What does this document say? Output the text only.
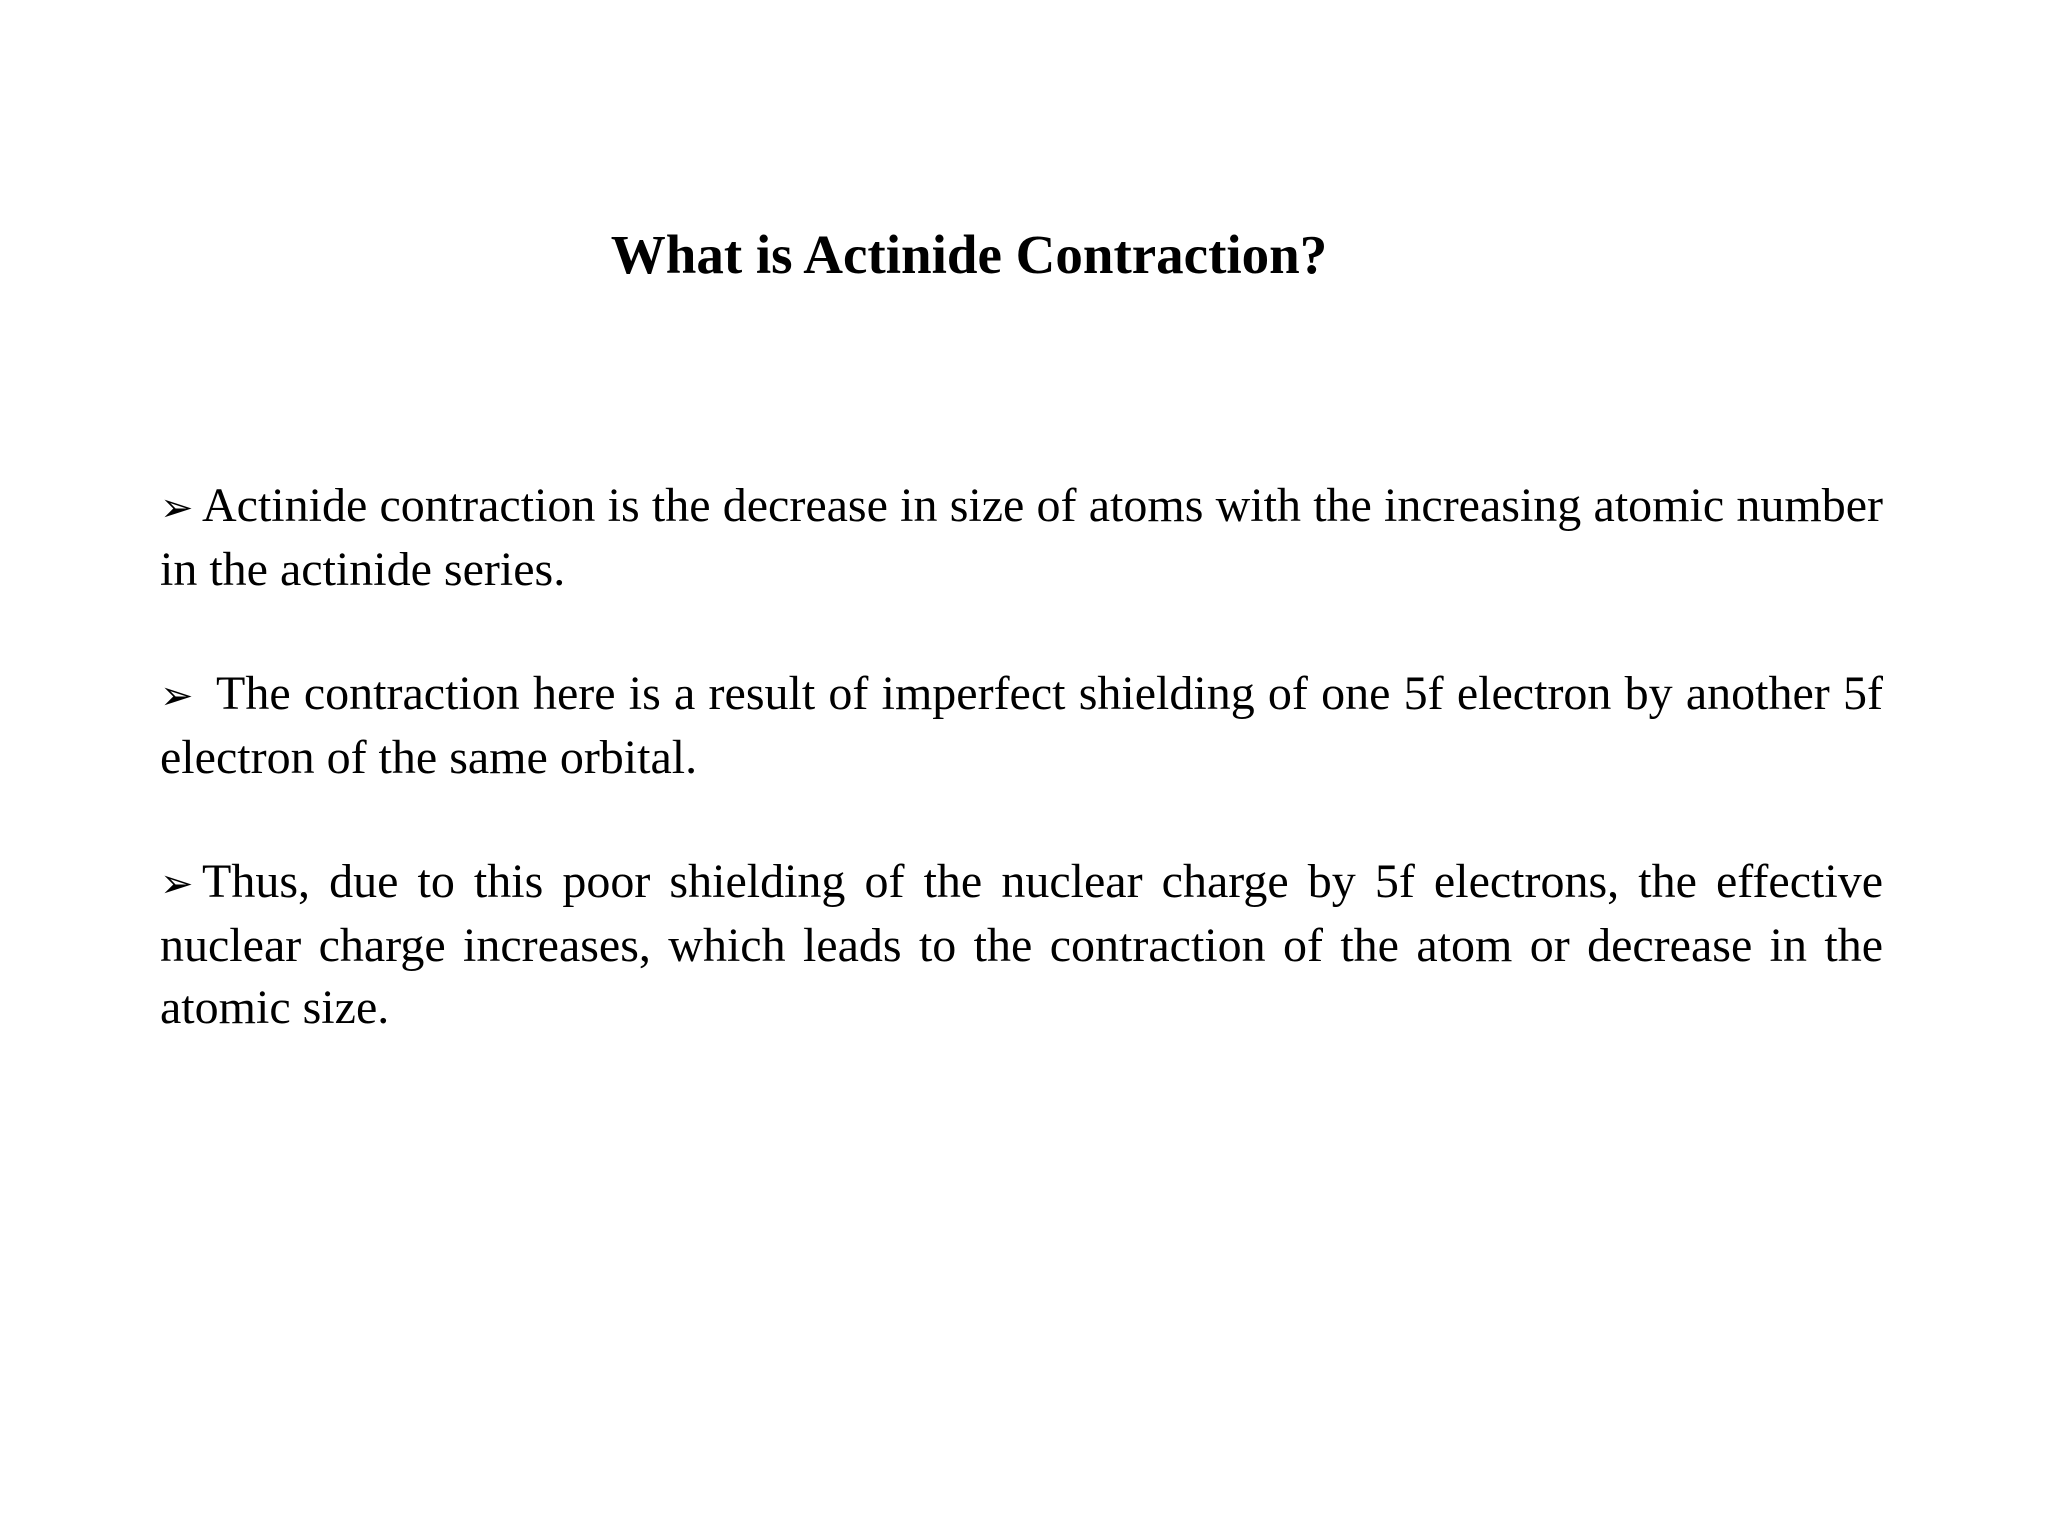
What is Actinide Contraction?
➢ Actinide contraction is the decrease in size of atoms with the increasing atomic number in the actinide series.
➢ The contraction here is a result of imperfect shielding of one 5f electron by another 5f electron of the same orbital.
➢ Thus, due to this poor shielding of the nuclear charge by 5f electrons, the effective nuclear charge increases, which leads to the contraction of the atom or decrease in the atomic size.
